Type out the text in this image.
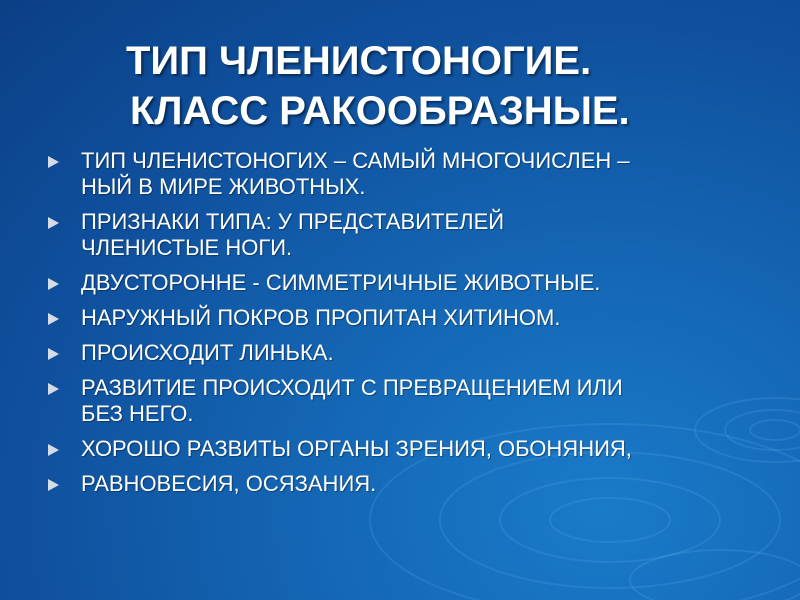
ТИП ЧЛЕНИСТОНОГИЕ.
КЛАСС РАКООБРАЗНЫЕ.
ТИП ЧЛЕНИСТОНОГИХ – САМЫЙ МНОГОЧИСЛЕН –
НЫЙ В МИРЕ ЖИВОТНЫХ.
ПРИЗНАКИ ТИПА: У ПРЕДСТАВИТЕЛЕЙ
ЧЛЕНИСТЫЕ НОГИ.
ДВУСТОРОННЕ - СИММЕТРИЧНЫЕ ЖИВОТНЫЕ.
НАРУЖНЫЙ ПОКРОВ ПРОПИТАН ХИТИНОМ.
ПРОИСХОДИТ ЛИНЬКА.
РАЗВИТИЕ ПРОИСХОДИТ С ПРЕВРАЩЕНИЕМ ИЛИ
БЕЗ НЕГО.
ХОРОШО РАЗВИТЫ ОРГАНЫ ЗРЕНИЯ, ОБОНЯНИЯ,
РАВНОВЕСИЯ, ОСЯЗАНИЯ.
